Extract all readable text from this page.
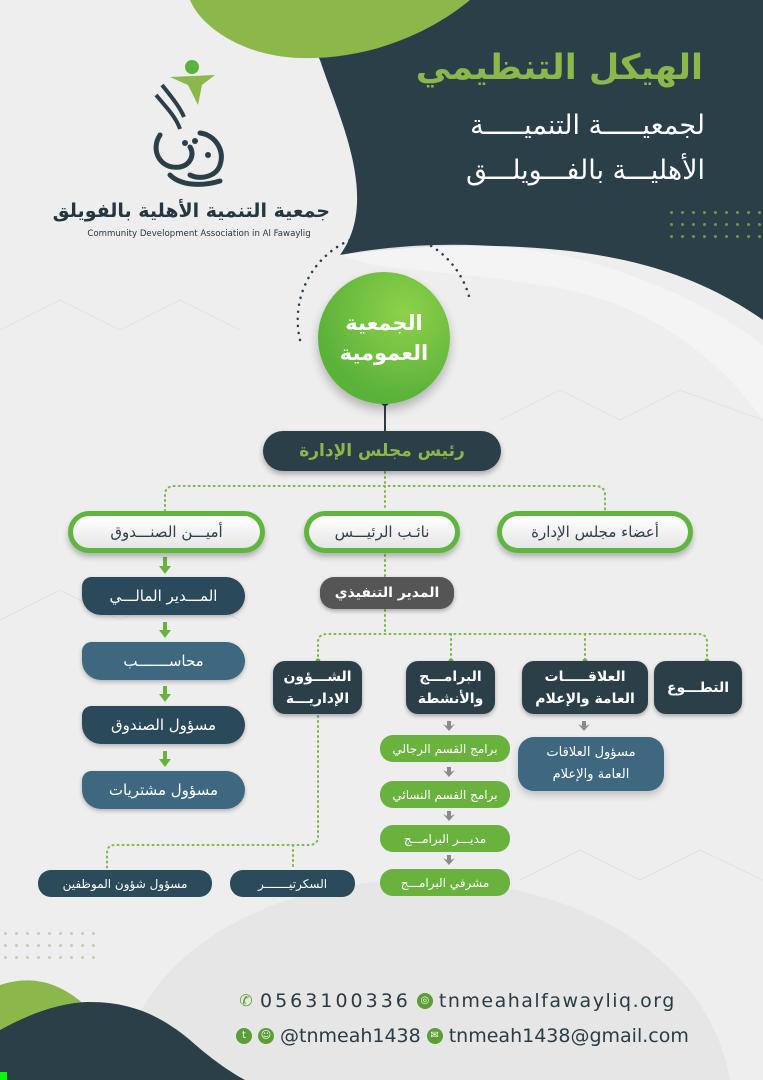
الهيكل التنظيمي
لجمعيـــــة التنميـــــة
الأهليـــة بالفـــويلـــق
جمعية التنمية الأهلية بالفويلق
Community Development Association in Al Fawaylig
الجمعية
العمومية
رئيس مجلس الإدارة
أميـــن الصنـــدوق	نائـب الرئيـــس	أعضاء مجلس الإدارة
المدير التنفيذي
المـــدير المالـــي
محاســـــــب
مسؤول الصندوق
مسؤول مشتريات
التطـــوع
العلاقـــــات
العامة والإعلام
البرامـــج
والأنشطة
الشـــؤون
الإداريـــة
مسؤول العلاقات
العامة والإعلام
برامج القسم الرجالي
برامج القسم النسائي
مديـــر البرامـــج
مشرفي البرامـــج
السكرتيـــــــر
مسؤول شؤون الموظفين
✆ 0563100336 ◎ tnmeahalfawayliq.org
t	☺ @tnmeah1438 ✉ tnmeah1438@gmail.com
